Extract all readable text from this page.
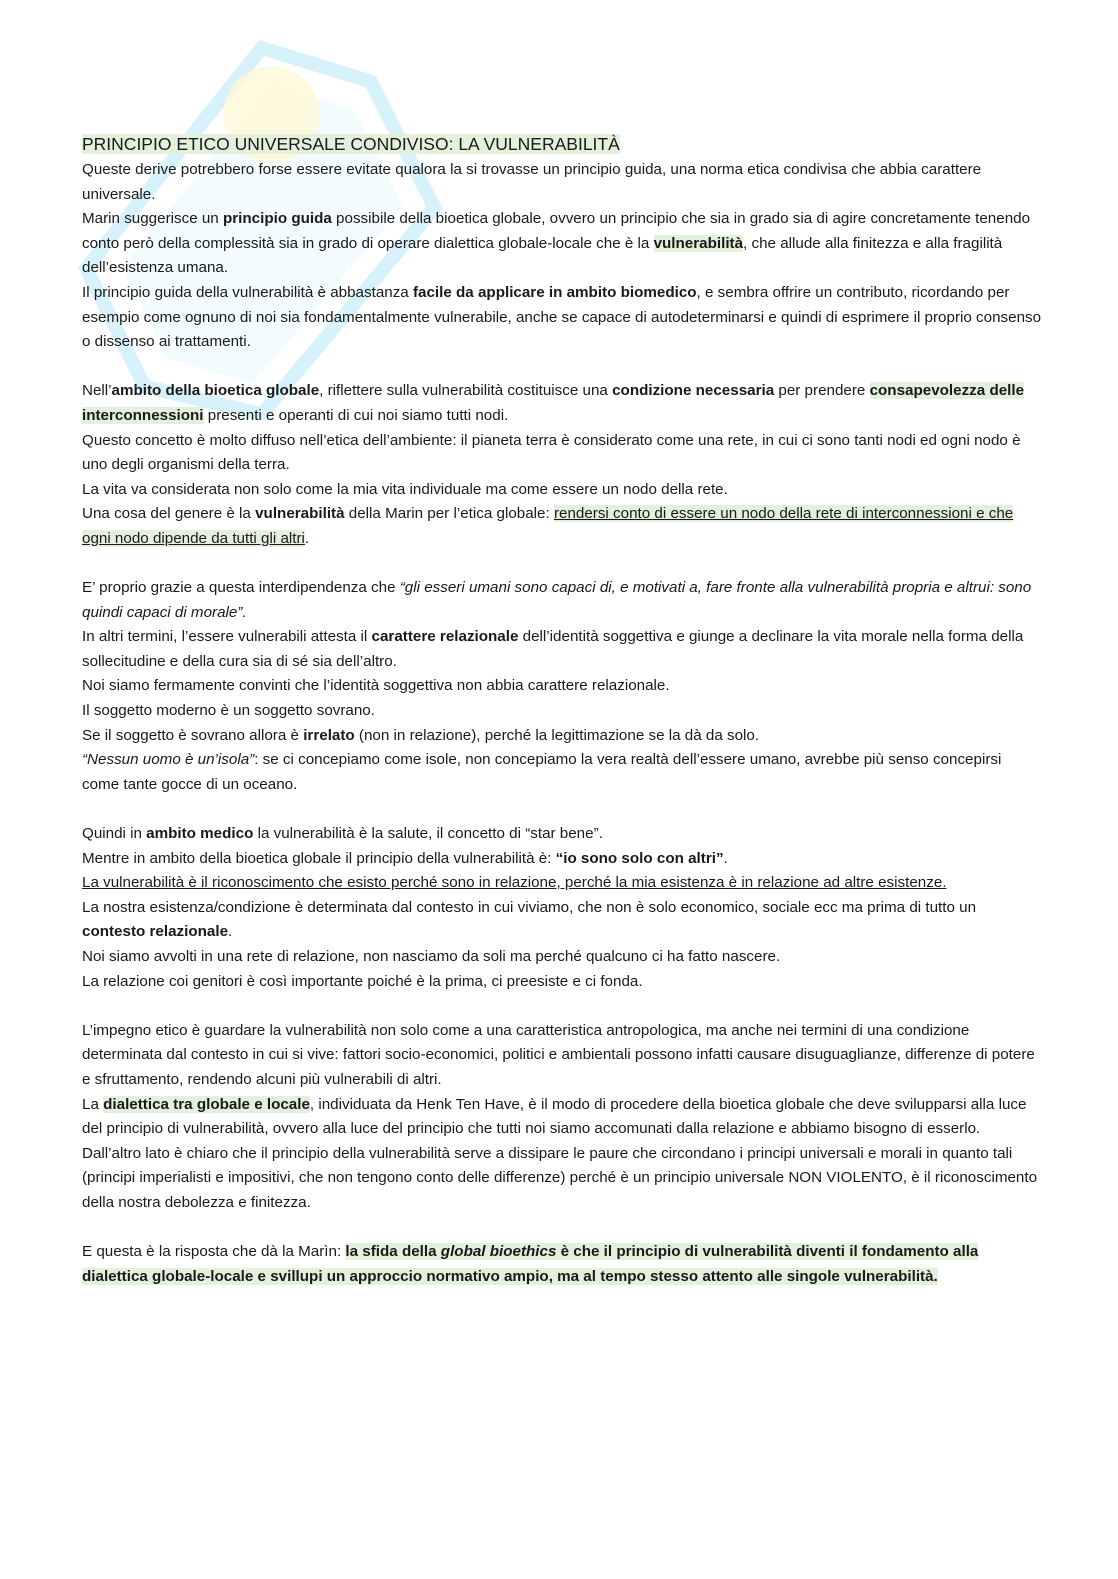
PRINCIPIO ETICO UNIVERSALE CONDIVISO: LA VULNERABILITÀ

Queste derive potrebbero forse essere evitate qualora la si trovasse un principio guida, una norma etica condivisa che abbia carattere universale.

Marin suggerisce un principio guida possibile della bioetica globale, ovvero un principio che sia in grado sia di agire concretamente tenendo conto però della complessità sia in grado di operare dialettica globale-locale che è la vulnerabilità, che allude alla finitezza e alla fragilità dell’esistenza umana.

Il principio guida della vulnerabilità è abbastanza facile da applicare in ambito biomedico, e sembra offrire un contributo, ricordando per esempio come ognuno di noi sia fondamentalmente vulnerabile, anche se capace di autodeterminarsi e quindi di esprimere il proprio consenso o dissenso ai trattamenti.

Nell’ambito della bioetica globale, riflettere sulla vulnerabilità costituisce una condizione necessaria per prendere consapevolezza delle interconnessioni presenti e operanti di cui noi siamo tutti nodi.

Questo concetto è molto diffuso nell’etica dell’ambiente: il pianeta terra è considerato come una rete, in cui ci sono tanti nodi ed ogni nodo è uno degli organismi della terra.

La vita va considerata non solo come la mia vita individuale ma come essere un nodo della rete.

Una cosa del genere è la vulnerabilità della Marin per l’etica globale: rendersi conto di essere un nodo della rete di interconnessioni e che ogni nodo dipende da tutti gli altri.

E’ proprio grazie a questa interdipendenza che “gli esseri umani sono capaci di, e motivati a, fare fronte alla vulnerabilità propria e altrui: sono quindi capaci di morale”.

In altri termini, l’essere vulnerabili attesta il carattere relazionale dell’identità soggettiva e giunge a declinare la vita morale nella forma della sollecitudine e della cura sia di sé sia dell’altro.

Noi siamo fermamente convinti che l’identità soggettiva non abbia carattere relazionale.

Il soggetto moderno è un soggetto sovrano.

Se il soggetto è sovrano allora è irrelato (non in relazione), perché la legittimazione se la dà da solo.

“Nessun uomo è un’isola”: se ci concepiamo come isole, non concepiamo la vera realtà dell’essere umano, avrebbe più senso concepirsi come tante gocce di un oceano.

Quindi in ambito medico la vulnerabilità è la salute, il concetto di “star bene”.

Mentre in ambito della bioetica globale il principio della vulnerabilità è: “io sono solo con altri”.

La vulnerabilità è il riconoscimento che esisto perché sono in relazione, perché la mia esistenza è in relazione ad altre esistenze.

La nostra esistenza/condizione è determinata dal contesto in cui viviamo, che non è solo economico, sociale ecc ma prima di tutto un contesto relazionale.

Noi siamo avvolti in una rete di relazione, non nasciamo da soli ma perché qualcuno ci ha fatto nascere.

La relazione coi genitori è così importante poiché è la prima, ci preesiste e ci fonda.

L’impegno etico è guardare la vulnerabilità non solo come a una caratteristica antropologica, ma anche nei termini di una condizione determinata dal contesto in cui si vive: fattori socio-economici, politici e ambientali possono infatti causare disuguaglianze, differenze di potere e sfruttamento, rendendo alcuni più vulnerabili di altri.

La dialettica tra globale e locale, individuata da Henk Ten Have, è il modo di procedere della bioetica globale che deve svilupparsi alla luce del principio di vulnerabilità, ovvero alla luce del principio che tutti noi siamo accomunati dalla relazione e abbiamo bisogno di esserlo.

Dall’altro lato è chiaro che il principio della vulnerabilità serve a dissipare le paure che circondano i principi universali e morali in quanto tali (principi imperialisti e impositivi, che non tengono conto delle differenze) perché è un principio universale NON VIOLENTO, è il riconoscimento della nostra debolezza e finitezza.

E questa è la risposta che dà la Marìn: la sfida della global bioethics è che il principio di vulnerabilità diventi il fondamento alla dialettica globale-locale e svillupi un approccio normativo ampio, ma al tempo stesso attento alle singole vulnerabilità.
